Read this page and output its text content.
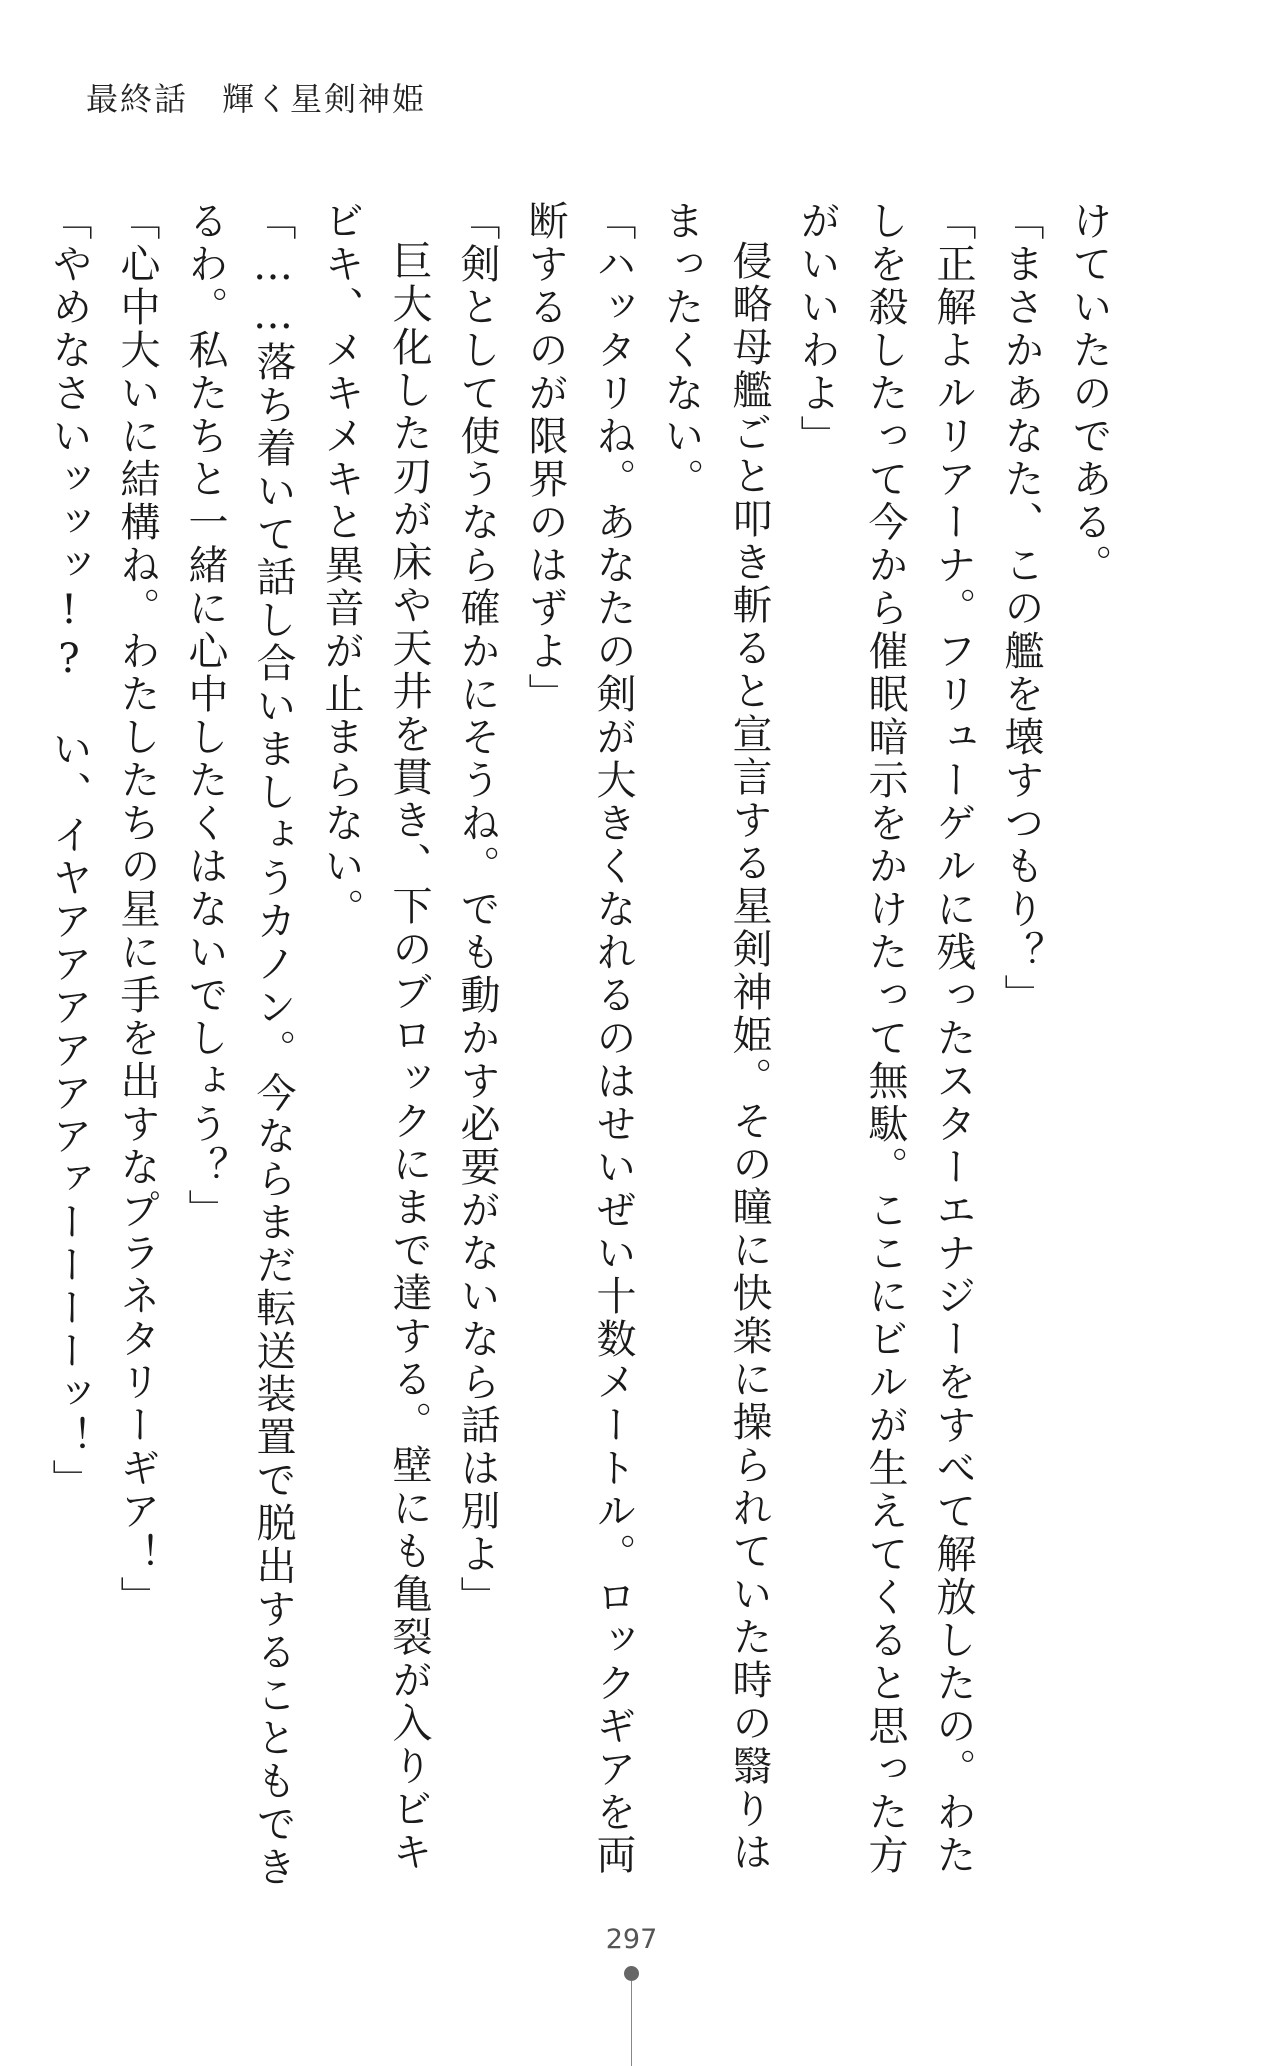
最終話　輝く星剣神姫

けていたのである。

「まさかあなた、この艦を壊すつもり？」

「正解よルリアーナ。フリューゲルに残ったスターエナジーをすべて解放したの。わたしを殺したって今から催眠暗示をかけたって無駄。ここにビルが生えてくると思った方がいいわよ」

侵略母艦ごと叩き斬ると宣言する星剣神姫。その瞳に快楽に操られていた時の翳りはまったくない。

「ハッタリね。あなたの剣が大きくなれるのはせいぜい十数メートル。ロックギアを両断するのが限界のはずよ」

「剣として使うなら確かにそうね。でも動かす必要がないなら話は別よ」

巨大化した刃が床や天井を貫き、下のブロックにまで達する。壁にも亀裂が入りビキビキ、メキメキと異音が止まらない。

「……落ち着いて話し合いましょうカノン。今ならまだ転送装置で脱出することもできるわ。私たちと一緒に心中したくはないでしょう？」

「心中大いに結構ね。わたしたちの星に手を出すなプラネタリーギア！」

「やめなさいッッッ!?　い、イヤアアアアアアァーーーーッ！」

297
